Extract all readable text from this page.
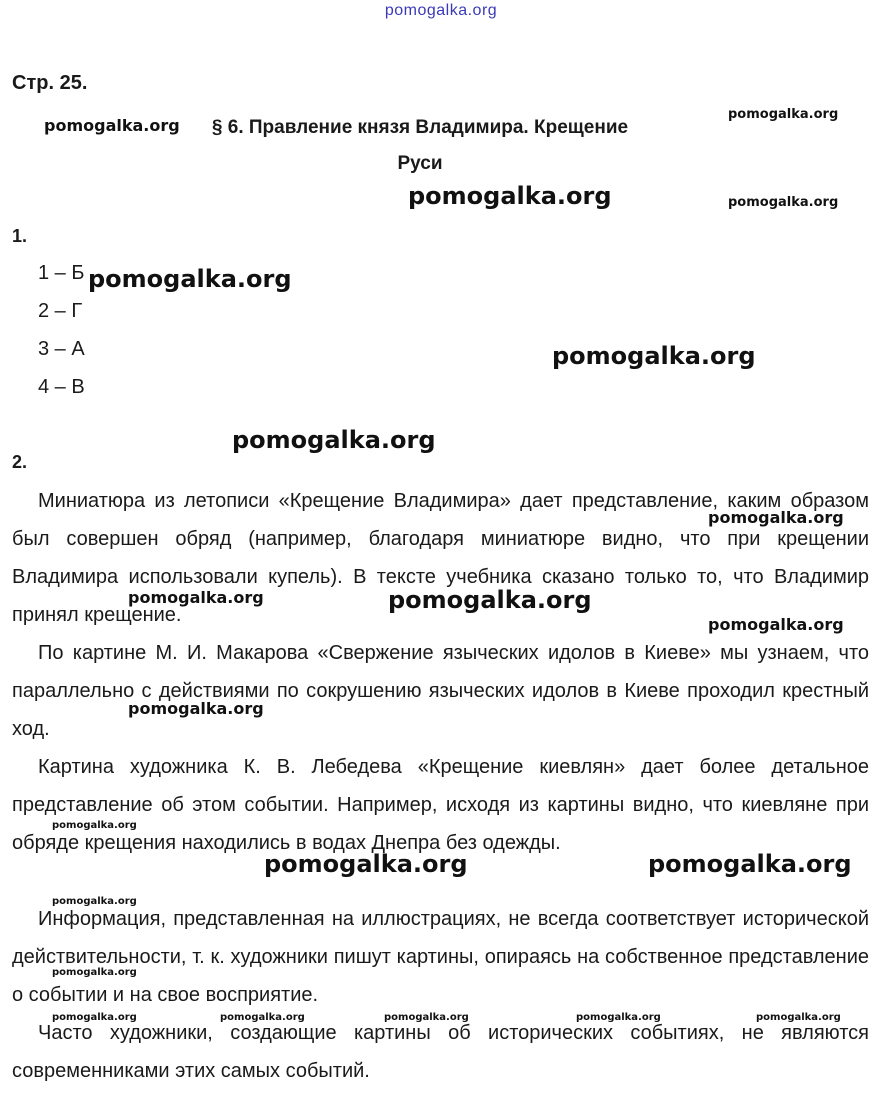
pomogalka.org
Стр. 25.
§ 6. Правление князя Владимира. Крещение Руси
1.
1 – Б
2 – Г
3 – А
4 – В
2.

Миниатюра из летописи «Крещение Владимира» дает представление, каким образом был совершен обряд (например, благодаря миниатюре видно, что при крещении Владимира использовали купель). В тексте учебника сказано только то, что Владимир принял крещение.

По картине М. И. Макарова «Свержение языческих идолов в Киеве» мы узнаем, что параллельно с действиями по сокрушению языческих идолов в Киеве проходил крестный ход.

Картина художника К. В. Лебедева «Крещение киевлян» дает более детальное представление об этом событии. Например, исходя из картины видно, что киевляне при обряде крещения находились в водах Днепра без одежды.

Информация, представленная на иллюстрациях, не всегда соответствует исторической действительности, т. к. художники пишут картины, опираясь на собственное представление о событии и на свое восприятие.

Часто художники, создающие картины об исторических событиях, не являются современниками этих самых событий.

pomogalka.org
pomogalka.org
pomogalka.org	pomogalka.org
pomogalka.org
pomogalka.org
pomogalka.org
pomogalka.org
pomogalka.org	pomogalka.org
pomogalka.org
pomogalka.org
pomogalka.org
pomogalka.org	pomogalka.org
pomogalka.org
pomogalka.org
pomogalka.org	pomogalka.org	pomogalka.org	pomogalka.org	pomogalka.org
